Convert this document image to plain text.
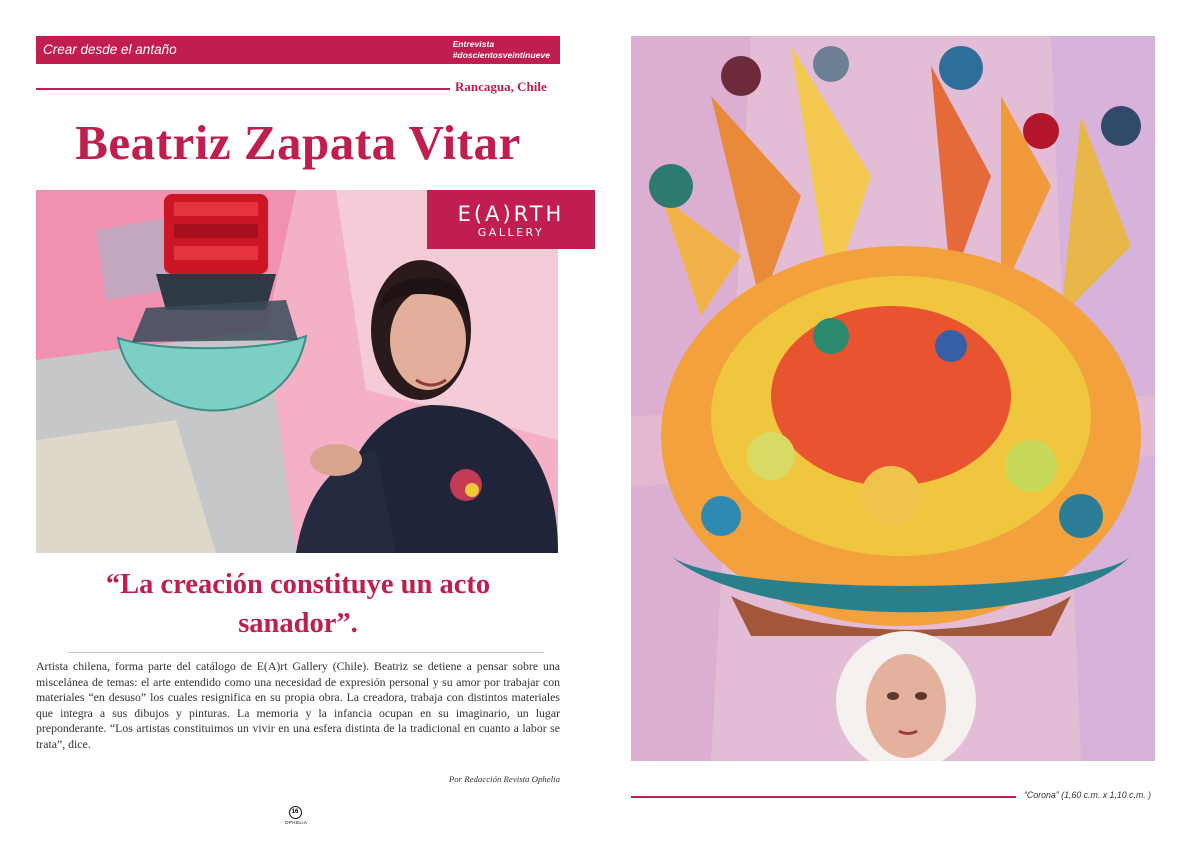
Crear desde el antaño	Entrevista
#doscientosveintinueve
Rancagua, Chile
Beatriz Zapata Vitar
E(A)RTH
GALLERY
“La creación constituye un acto
sanador”.

Artista chilena, forma parte del catálogo de E(A)rt Gallery (Chile). Beatriz se detiene a pensar sobre una miscelánea de temas: el arte entendido como una necesidad de expresión personal y su amor por trabajar con materiales “en desuso” los cuales resignifica en su propia obra. La creadora, trabaja con distintos materiales que integra a sus dibujos y pinturas. La memoria y la infancia ocupan en su imaginario, un lugar preponderante. “Los artistas constituimos un vivir en una esfera distinta de la tradicional en cuanto a labor se trata”, dice.

Por Redacción Revista Ophelia
16
OPHELIA
“Corona” (1,60 c.m. x 1,10 c.m. )
